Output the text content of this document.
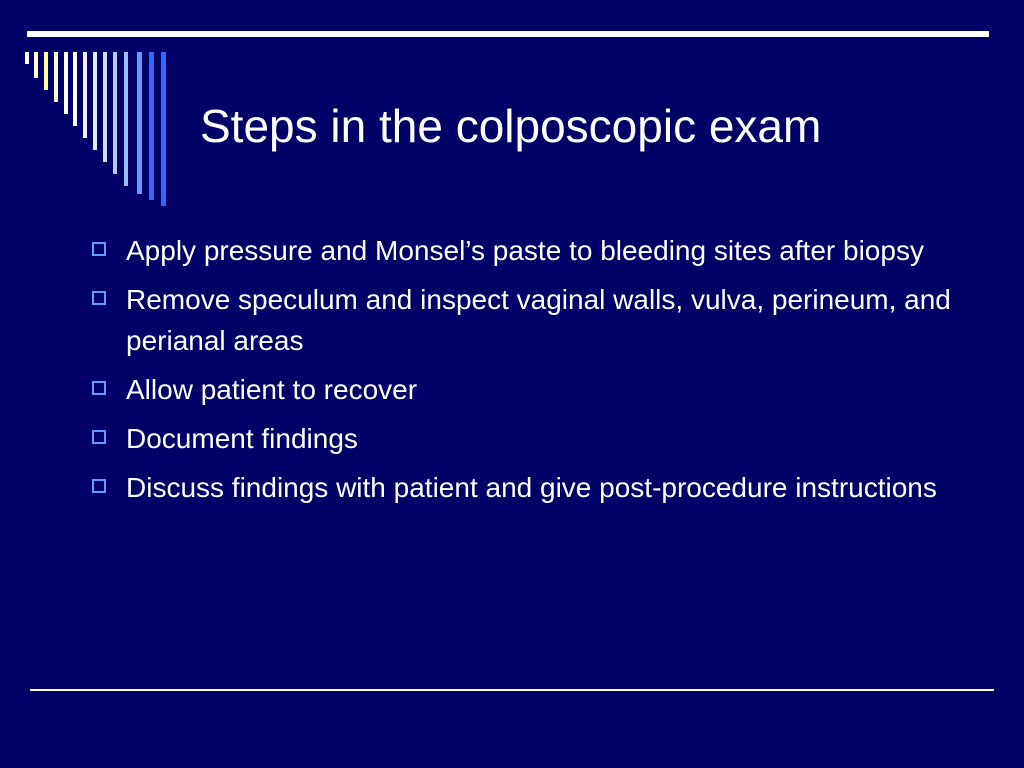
Steps in the colposcopic exam
Apply pressure and Monsel’s paste to bleeding sites after biopsy
Remove speculum and inspect vaginal walls, vulva, perineum, and perianal areas
Allow patient to recover
Document findings
Discuss findings with patient and give post-procedure instructions
